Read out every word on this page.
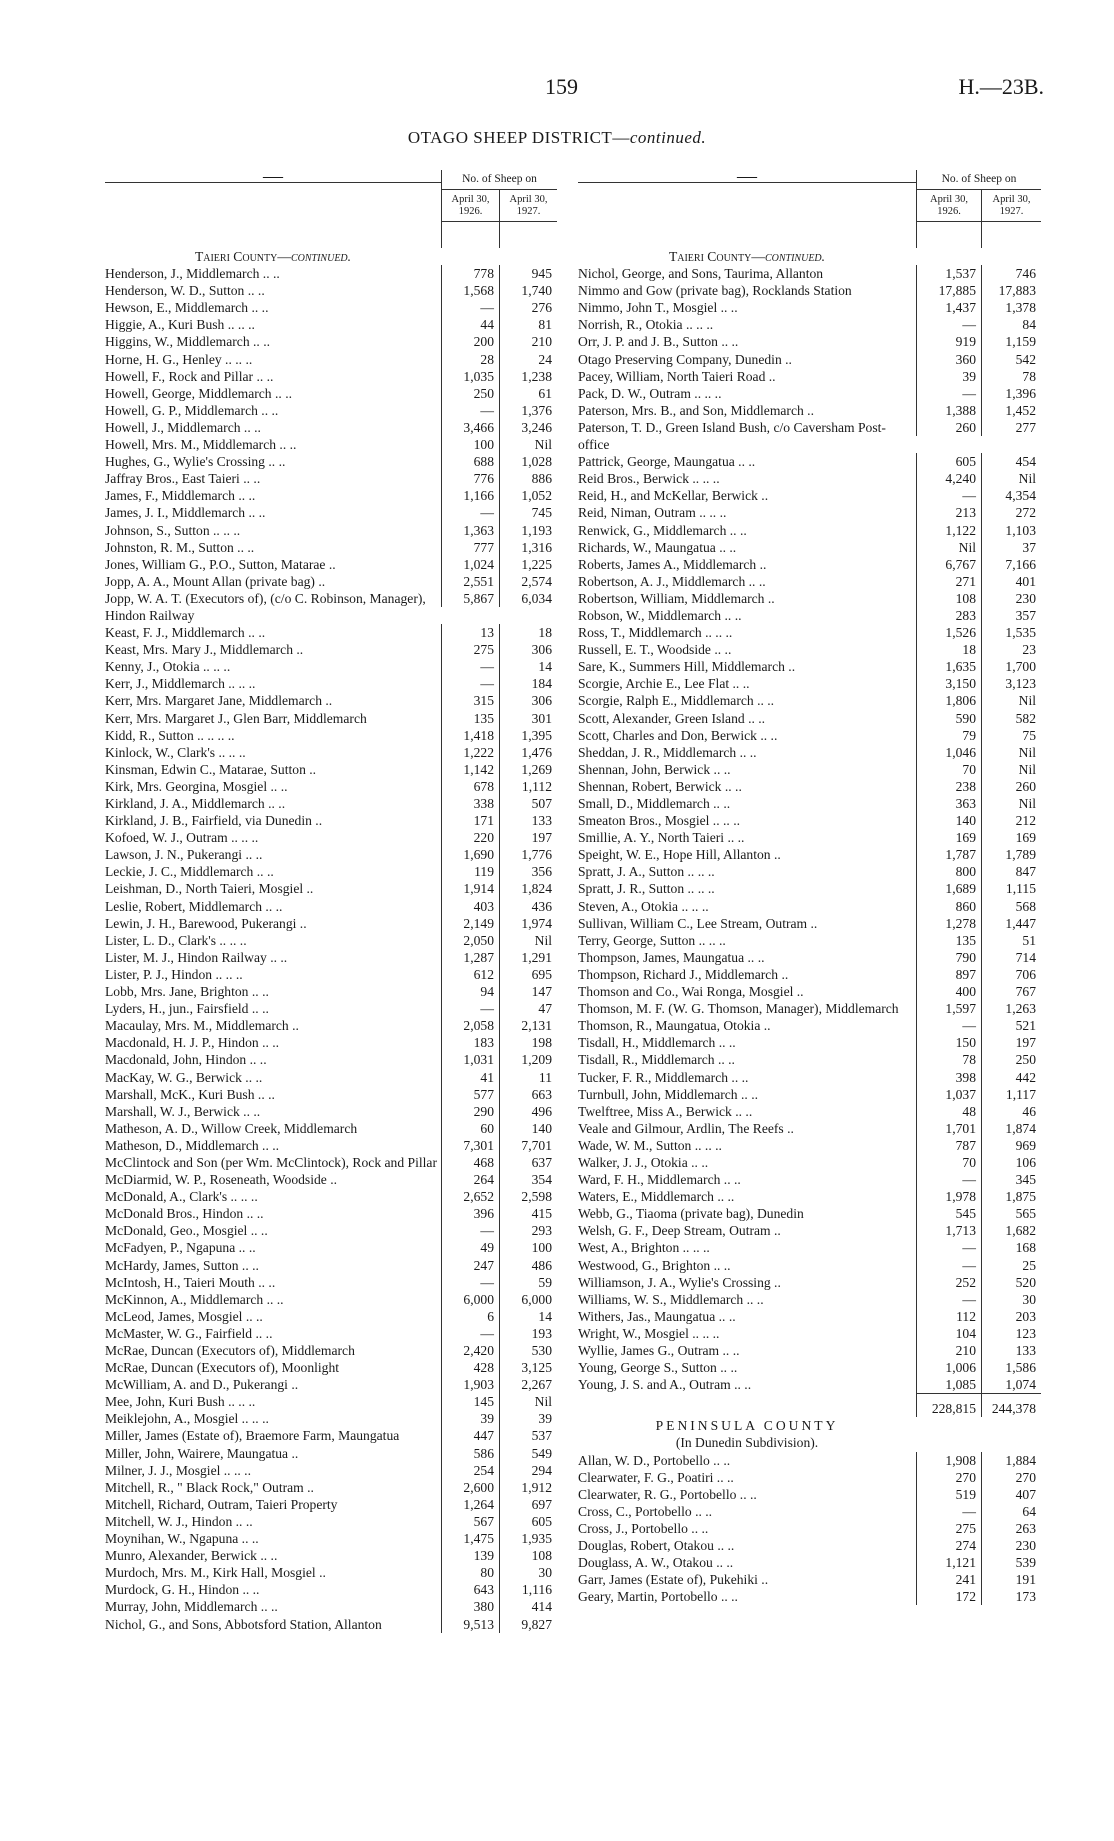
159	H.—23B.
OTAGO SHEEP DISTRICT—continued.
—	No. of Sheep on
April 30, 1926.
April 30, 1927.
Taieri County—continued.
Henderson, J., Middlemarch .. ..	778	945
Henderson, W. D., Sutton .. ..	1,568	1,740
Hewson, E., Middlemarch .. ..	—	276
Higgie, A., Kuri Bush .. .. ..	44	81
Higgins, W., Middlemarch .. ..	200	210
Horne, H. G., Henley .. .. ..	28	24
Howell, F., Rock and Pillar .. ..	1,035	1,238
Howell, George, Middlemarch .. ..	250	61
Howell, G. P., Middlemarch .. ..	—	1,376
Howell, J., Middlemarch .. ..	3,466	3,246
Howell, Mrs. M., Middlemarch .. ..	100	Nil
Hughes, G., Wylie's Crossing .. ..	688	1,028
Jaffray Bros., East Taieri .. ..	776	886
James, F., Middlemarch .. ..	1,166	1,052
James, J. I., Middlemarch .. ..	—	745
Johnson, S., Sutton .. .. ..	1,363	1,193
Johnston, R. M., Sutton .. ..	777	1,316
Jones, William G., P.O., Sutton, Matarae ..	1,024	1,225
Jopp, A. A., Mount Allan (private bag) ..	2,551	2,574
Jopp, W. A. T. (Executors of), (c/o C. Robinson, Manager), Hindon Railway
5,867	6,034
Keast, F. J., Middlemarch .. ..	13	18
Keast, Mrs. Mary J., Middlemarch ..	275	306
Kenny, J., Otokia .. .. ..	—	14
Kerr, J., Middlemarch .. .. ..	—	184
Kerr, Mrs. Margaret Jane, Middlemarch ..	315	306
Kerr, Mrs. Margaret J., Glen Barr, Middlemarch	135	301
Kidd, R., Sutton .. .. .. ..	1,418	1,395
Kinlock, W., Clark's .. .. ..	1,222	1,476
Kinsman, Edwin C., Matarae, Sutton ..	1,142	1,269
Kirk, Mrs. Georgina, Mosgiel .. ..	678	1,112
Kirkland, J. A., Middlemarch .. ..	338	507
Kirkland, J. B., Fairfield, via Dunedin ..	171	133
Kofoed, W. J., Outram .. .. ..	220	197
Lawson, J. N., Pukerangi .. ..	1,690	1,776
Leckie, J. C., Middlemarch .. ..	119	356
Leishman, D., North Taieri, Mosgiel ..	1,914	1,824
Leslie, Robert, Middlemarch .. ..	403	436
Lewin, J. H., Barewood, Pukerangi ..	2,149	1,974
Lister, L. D., Clark's .. .. ..	2,050	Nil
Lister, M. J., Hindon Railway .. ..	1,287	1,291
Lister, P. J., Hindon .. .. ..	612	695
Lobb, Mrs. Jane, Brighton .. ..	94	147
Lyders, H., jun., Fairsfield .. ..	—	47
Macaulay, Mrs. M., Middlemarch ..	2,058	2,131
Macdonald, H. J. P., Hindon .. ..	183	198
Macdonald, John, Hindon .. ..	1,031	1,209
MacKay, W. G., Berwick .. ..	41	11
Marshall, McK., Kuri Bush .. ..	577	663
Marshall, W. J., Berwick .. ..	290	496
Matheson, A. D., Willow Creek, Middlemarch	60	140
Matheson, D., Middlemarch .. ..	7,301	7,701
McClintock and Son (per Wm. McClintock), Rock and Pillar	468	637
McDiarmid, W. P., Roseneath, Woodside ..	264	354
McDonald, A., Clark's .. .. ..	2,652	2,598
McDonald Bros., Hindon .. ..	396	415
McDonald, Geo., Mosgiel .. ..	—	293
McFadyen, P., Ngapuna .. ..	49	100
McHardy, James, Sutton .. ..	247	486
McIntosh, H., Taieri Mouth .. ..	—	59
McKinnon, A., Middlemarch .. ..	6,000	6,000
McLeod, James, Mosgiel .. ..	6	14
McMaster, W. G., Fairfield .. ..	—	193
McRae, Duncan (Executors of), Middlemarch	2,420	530
McRae, Duncan (Executors of), Moonlight	428	3,125
McWilliam, A. and D., Pukerangi ..	1,903	2,267
Mee, John, Kuri Bush .. .. ..	145	Nil
Meiklejohn, A., Mosgiel .. .. ..	39	39
Miller, James (Estate of), Braemore Farm, Maungatua	447	537
Miller, John, Wairere, Maungatua ..	586	549
Milner, J. J., Mosgiel .. .. ..	254	294
Mitchell, R., " Black Rock," Outram ..	2,600	1,912
Mitchell, Richard, Outram, Taieri Property	1,264	697
Mitchell, W. J., Hindon .. ..	567	605
Moynihan, W., Ngapuna .. ..	1,475	1,935
Munro, Alexander, Berwick .. ..	139	108
Murdoch, Mrs. M., Kirk Hall, Mosgiel ..	80	30
Murdock, G. H., Hindon .. ..	643	1,116
Murray, John, Middlemarch .. ..	380	414
Nichol, G., and Sons, Abbotsford Station, Allanton	9,513	9,827
—	No. of Sheep on
April 30, 1926.
April 30, 1927.
Taieri County—continued.
Nichol, George, and Sons, Taurima, Allanton	1,537	746
Nimmo and Gow (private bag), Rocklands Station	17,885	17,883
Nimmo, John T., Mosgiel .. ..	1,437	1,378
Norrish, R., Otokia .. .. ..	—	84
Orr, J. P. and J. B., Sutton .. ..	919	1,159
Otago Preserving Company, Dunedin ..	360	542
Pacey, William, North Taieri Road ..	39	78
Pack, D. W., Outram .. .. ..	—	1,396
Paterson, Mrs. B., and Son, Middlemarch ..	1,388	1,452
Paterson, T. D., Green Island Bush, c/o Caversham Post-office
260	277
Pattrick, George, Maungatua .. ..	605	454
Reid Bros., Berwick .. .. ..	4,240	Nil
Reid, H., and McKellar, Berwick ..	—	4,354
Reid, Niman, Outram .. .. ..	213	272
Renwick, G., Middlemarch .. ..	1,122	1,103
Richards, W., Maungatua .. ..	Nil	37
Roberts, James A., Middlemarch ..	6,767	7,166
Robertson, A. J., Middlemarch .. ..	271	401
Robertson, William, Middlemarch ..	108	230
Robson, W., Middlemarch .. ..	283	357
Ross, T., Middlemarch .. .. ..	1,526	1,535
Russell, E. T., Woodside .. ..	18	23
Sare, K., Summers Hill, Middlemarch ..	1,635	1,700
Scorgie, Archie E., Lee Flat .. ..	3,150	3,123
Scorgie, Ralph E., Middlemarch .. ..	1,806	Nil
Scott, Alexander, Green Island .. ..	590	582
Scott, Charles and Don, Berwick .. ..	79	75
Sheddan, J. R., Middlemarch .. ..	1,046	Nil
Shennan, John, Berwick .. ..	70	Nil
Shennan, Robert, Berwick .. ..	238	260
Small, D., Middlemarch .. ..	363	Nil
Smeaton Bros., Mosgiel .. .. ..	140	212
Smillie, A. Y., North Taieri .. ..	169	169
Speight, W. E., Hope Hill, Allanton ..	1,787	1,789
Spratt, J. A., Sutton .. .. ..	800	847
Spratt, J. R., Sutton .. .. ..	1,689	1,115
Steven, A., Otokia .. .. ..	860	568
Sullivan, William C., Lee Stream, Outram ..	1,278	1,447
Terry, George, Sutton .. .. ..	135	51
Thompson, James, Maungatua .. ..	790	714
Thompson, Richard J., Middlemarch ..	897	706
Thomson and Co., Wai Ronga, Mosgiel ..	400	767
Thomson, M. F. (W. G. Thomson, Manager), Middlemarch	1,597	1,263
Thomson, R., Maungatua, Otokia ..	—	521
Tisdall, H., Middlemarch .. ..	150	197
Tisdall, R., Middlemarch .. ..	78	250
Tucker, F. R., Middlemarch .. ..	398	442
Turnbull, John, Middlemarch .. ..	1,037	1,117
Twelftree, Miss A., Berwick .. ..	48	46
Veale and Gilmour, Ardlin, The Reefs ..	1,701	1,874
Wade, W. M., Sutton .. .. ..	787	969
Walker, J. J., Otokia .. ..	70	106
Ward, F. H., Middlemarch .. ..	—	345
Waters, E., Middlemarch .. ..	1,978	1,875
Webb, G., Tiaoma (private bag), Dunedin	545	565
Welsh, G. F., Deep Stream, Outram ..	1,713	1,682
West, A., Brighton .. .. ..	—	168
Westwood, G., Brighton .. ..	—	25
Williamson, J. A., Wylie's Crossing ..	252	520
Williams, W. S., Middlemarch .. ..	—	30
Withers, Jas., Maungatua .. ..	112	203
Wright, W., Mosgiel .. .. ..	104	123
Wyllie, James G., Outram .. ..	210	133
Young, George S., Sutton .. ..	1,006	1,586
Young, J. S. and A., Outram .. ..	1,085	1,074
228,815	244,378
PENINSULA COUNTY
(In Dunedin Subdivision).
Allan, W. D., Portobello .. ..	1,908	1,884
Clearwater, F. G., Poatiri .. ..	270	270
Clearwater, R. G., Portobello .. ..	519	407
Cross, C., Portobello .. ..	—	64
Cross, J., Portobello .. ..	275	263
Douglas, Robert, Otakou .. ..	274	230
Douglass, A. W., Otakou .. ..	1,121	539
Garr, James (Estate of), Pukehiki ..	241	191
Geary, Martin, Portobello .. ..	172	173
